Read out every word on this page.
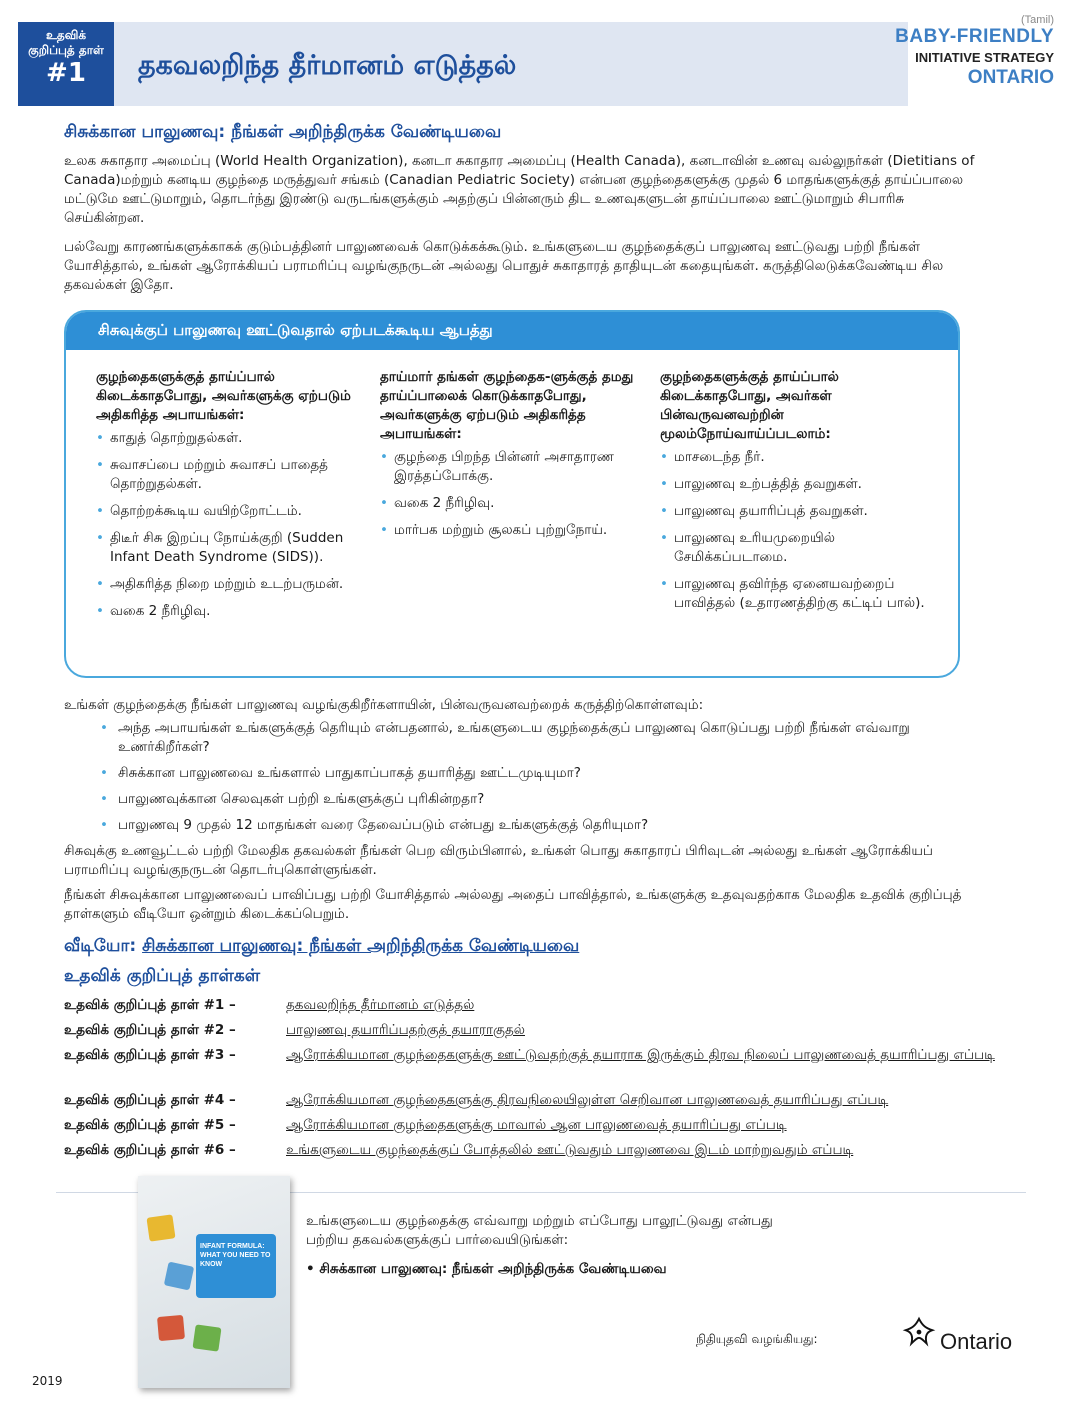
உதவிக்
குறிப்புத் தாள்
#1	தகவலறிந்த தீர்மானம் எடுத்தல்
(Tamil)
BABY-FRIENDLY
INITIATIVE STRATEGY
ONTARIO
சிசுக்கான பாலுணவு: நீங்கள் அறிந்திருக்க வேண்டியவை
உலக சுகாதார அமைப்பு (World Health Organization), கனடா சுகாதார அமைப்பு (Health Canada), கனடாவின் உணவு வல்லுநர்கள் (Dietitians of Canada)மற்றும் கனடிய குழந்தை மருத்துவர் சங்கம் (Canadian Pediatric Society) என்பன குழந்தைகளுக்கு முதல் 6 மாதங்களுக்குத் தாய்ப்பாலை மட்டுமே ஊட்டுமாறும், தொடர்ந்து இரண்டு வருடங்களுக்கும் அதற்குப் பின்னரும் திட உணவுகளுடன் தாய்ப்பாலை ஊட்டுமாறும் சிபாரிசு செய்கின்றன.
பல்வேறு காரணங்களுக்காகக் குடும்பத்தினர் பாலுணவைக் கொடுக்கக்கூடும். உங்களுடைய குழந்தைக்குப் பாலுணவு ஊட்டுவது பற்றி நீங்கள் யோசித்தால், உங்கள் ஆரோக்கியப் பராமரிப்பு வழங்குநருடன் அல்லது பொதுச் சுகாதாரத் தாதியுடன் கதையுங்கள். கருத்திலெடுக்கவேண்டிய சில தகவல்கள் இதோ.
சிசுவுக்குப் பாலுணவு ஊட்டுவதால் ஏற்படக்கூடிய ஆபத்து
குழந்தைகளுக்குத் தாய்ப்பால் கிடைக்காதபோது, அவர்களுக்கு ஏற்படும் அதிகரித்த அபாயங்கள்:
• காதுத் தொற்றுதல்கள்.
• சுவாசப்பை மற்றும் சுவாசப் பாதைத் தொற்றுதல்கள்.
• தொற்றக்கூடிய வயிற்றோட்டம்.
• திடீர் சிசு இறப்பு நோய்க்குறி (Sudden Infant Death Syndrome (SIDS)).
• அதிகரித்த நிறை மற்றும் உடற்பருமன்.
• வகை 2 நீரிழிவு.
தாய்மார் தங்கள் குழந்தைக-ளுக்குத் தமது தாய்ப்பாலைக் கொடுக்காதபோது, அவர்களுக்கு ஏற்படும் அதிகரித்த அபாயங்கள்:
• குழந்தை பிறந்த பின்னர் அசாதாரண இரத்தப்போக்கு.
• வகை 2 நீரிழிவு.
• மார்பக மற்றும் சூலகப் புற்றுநோய்.
குழந்தைகளுக்குத் தாய்ப்பால் கிடைக்காதபோது, அவர்கள் பின்வருவனவற்றின் மூலம்நோய்வாய்ப்படலாம்:
• மாசடைந்த நீர்.
• பாலுணவு உற்பத்தித் தவறுகள்.
• பாலுணவு தயாரிப்புத் தவறுகள்.
• பாலுணவு உரியமுறையில் சேமிக்கப்படாமை.
• பாலுணவு தவிர்ந்த ஏனையவற்றைப் பாவித்தல் (உதாரணத்திற்கு கட்டிப் பால்).
உங்கள் குழந்தைக்கு நீங்கள் பாலுணவு வழங்குகிறீர்களாயின், பின்வருவனவற்றைக் கருத்திற்கொள்ளவும்:
• அந்த அபாயங்கள் உங்களுக்குத் தெரியும் என்பதனால், உங்களுடைய குழந்தைக்குப் பாலுணவு கொடுப்பது பற்றி நீங்கள் எவ்வாறு உணர்கிறீர்கள்?
• சிசுக்கான பாலுணவை உங்களால் பாதுகாப்பாகத் தயாரித்து ஊட்டமுடியுமா?
• பாலுணவுக்கான செலவுகள் பற்றி உங்களுக்குப் புரிகின்றதா?
• பாலுணவு 9 முதல் 12 மாதங்கள் வரை தேவைப்படும் என்பது உங்களுக்குத் தெரியுமா?
சிசுவுக்கு உணவூட்டல் பற்றி மேலதிக தகவல்கள் நீங்கள் பெற விரும்பினால், உங்கள் பொது சுகாதாரப் பிரிவுடன் அல்லது உங்கள் ஆரோக்கியப் பராமரிப்பு வழங்குநருடன் தொடர்புகொள்ளுங்கள்.
நீங்கள் சிசுவுக்கான பாலுணவைப் பாவிப்பது பற்றி யோசித்தால் அல்லது அதைப் பாவித்தால், உங்களுக்கு உதவுவதற்காக மேலதிக உதவிக் குறிப்புத் தாள்களும் வீடியோ ஒன்றும் கிடைக்கப்பெறும்.
வீடியோ: சிசுக்கான பாலுணவு: நீங்கள் அறிந்திருக்க வேண்டியவை
உதவிக் குறிப்புத் தாள்கள்
உதவிக் குறிப்புத் தாள் #1 –	தகவலறிந்த தீர்மானம் எடுத்தல்
உதவிக் குறிப்புத் தாள் #2 –	பாலுணவு தயாரிப்பதற்குத் தயாராகுதல்
உதவிக் குறிப்புத் தாள் #3 –	ஆரோக்கியமான குழந்தைகளுக்கு ஊட்டுவதற்குத் தயாராக இருக்கும் திரவ நிலைப் பாலுணவைத் தயாரிப்பது எப்படி
உதவிக் குறிப்புத் தாள் #4 –	ஆரோக்கியமான குழந்தைகளுக்கு திரவநிலையிலுள்ள செறிவான பாலுணவைத் தயாரிப்பது எப்படி
உதவிக் குறிப்புத் தாள் #5 –	ஆரோக்கியமான குழந்தைகளுக்கு மாவால் ஆன பாலுணவைத் தயாரிப்பது எப்படி
உதவிக் குறிப்புத் தாள் #6 –	உங்களுடைய குழந்தைக்குப் போத்தலில் ஊட்டுவதும் பாலுணவை இடம் மாற்றுவதும் எப்படி
INFANT FORMULA: WHAT YOU NEED TO KNOW
உங்களுடைய குழந்தைக்கு எவ்வாறு மற்றும் எப்போது பாலூட்டுவது என்பது பற்றிய தகவல்களுக்குப் பார்வையிடுங்கள்:
• சிசுக்கான பாலுணவு: நீங்கள் அறிந்திருக்க வேண்டியவை
நிதியுதவி வழங்கியது:	Ontario
2019
